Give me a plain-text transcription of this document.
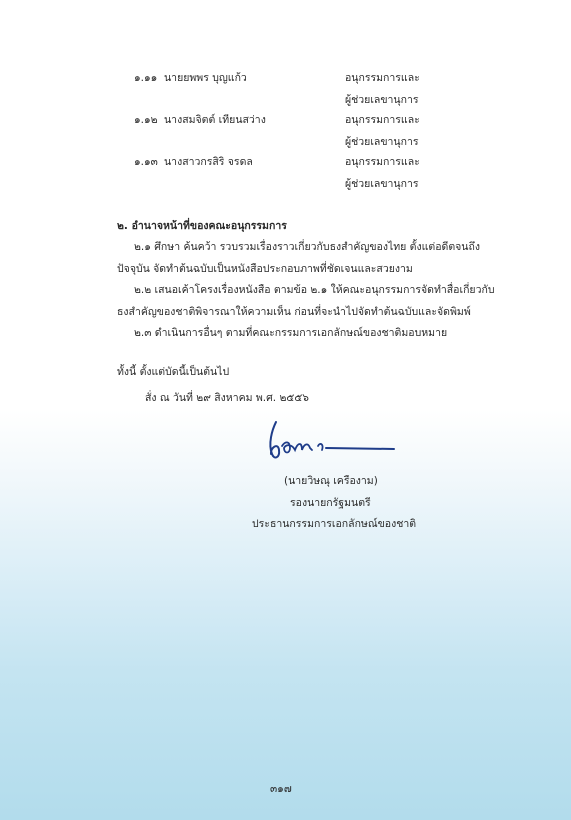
๑.๑๑ นายยพพร บุญแก้ว	อนุกรรมการและ
ผู้ช่วยเลขานุการ
๑.๑๒ นางสมจิตต์ เทียนสว่าง	อนุกรรมการและ
ผู้ช่วยเลขานุการ
๑.๑๓ นางสาวกรสิริ จรดล	อนุกรรมการและ
ผู้ช่วยเลขานุการ
๒. อำนาจหน้าที่ของคณะอนุกรรมการ
๒.๑ ศึกษา ค้นคว้า รวบรวมเรื่องราวเกี่ยวกับธงสำคัญของไทย ตั้งแต่อดีตจนถึง
ปัจจุบัน จัดทำต้นฉบับเป็นหนังสือประกอบภาพที่ชัดเจนและสวยงาม
๒.๒ เสนอเค้าโครงเรื่องหนังสือ ตามข้อ ๒.๑ ให้คณะอนุกรรมการจัดทำสื่อเกี่ยวกับ
ธงสำคัญของชาติพิจารณาให้ความเห็น ก่อนที่จะนำไปจัดทำต้นฉบับและจัดพิมพ์
๒.๓ ดำเนินการอื่นๆ ตามที่คณะกรรมการเอกลักษณ์ของชาติมอบหมาย
ทั้งนี้ ตั้งแต่บัดนี้เป็นต้นไป
สั่ง ณ วันที่ ๒๙ สิงหาคม พ.ศ. ๒๕๕๖
(นายวิษณุ เครืองาม)
รองนายกรัฐมนตรี
ประธานกรรมการเอกลักษณ์ของชาติ
๓๑๗
